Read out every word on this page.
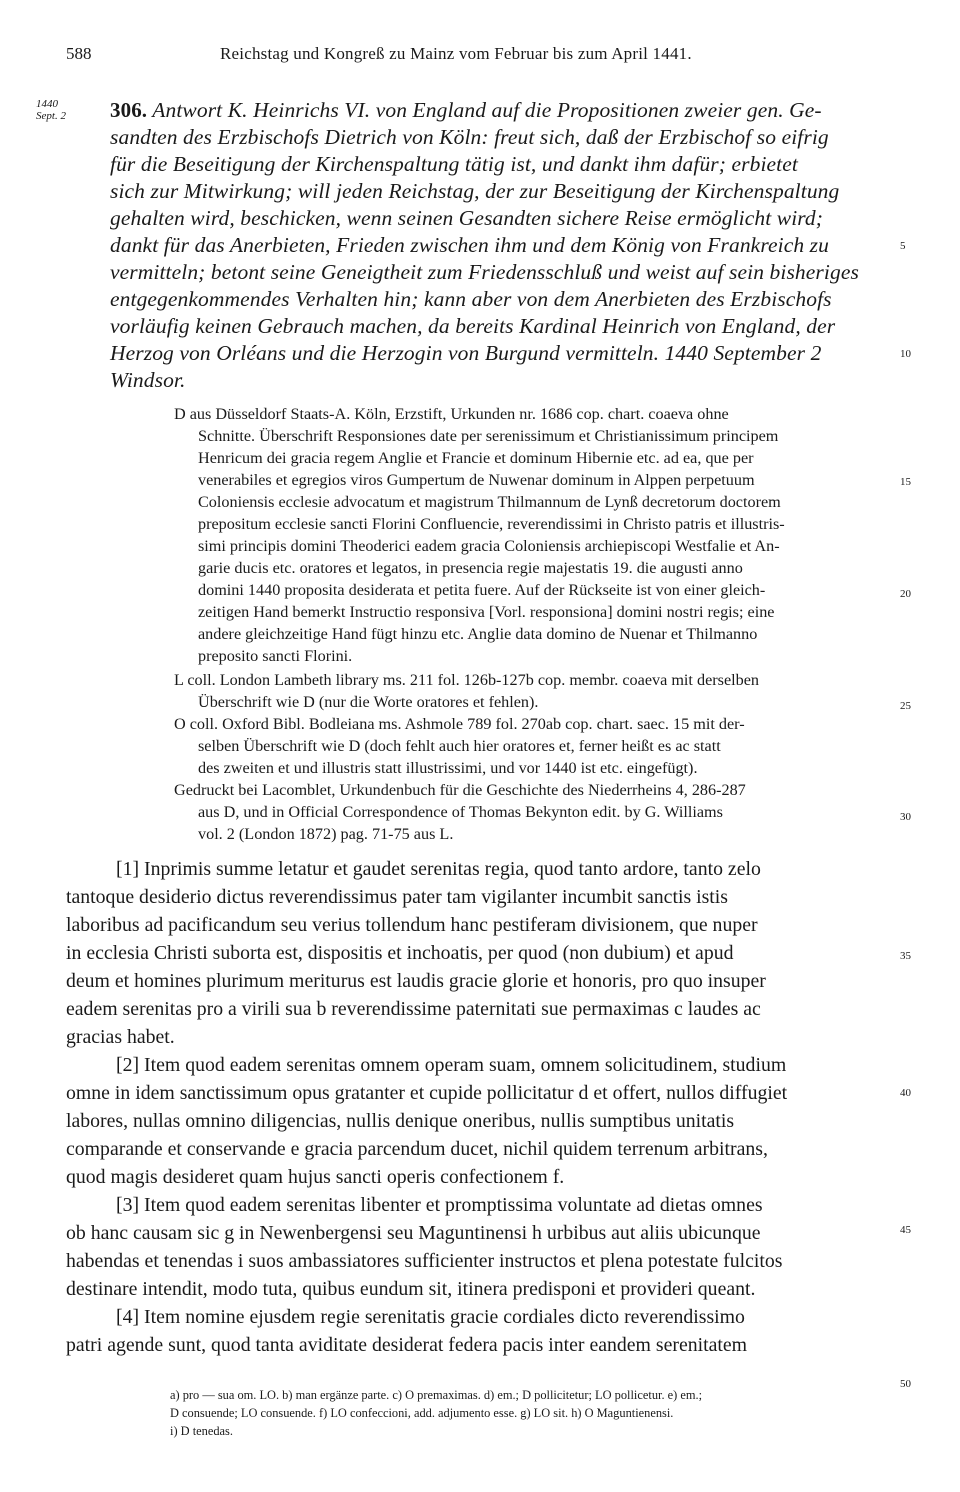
588	Reichstag und Kongreß zu Mainz vom Februar bis zum April 1441.
1440
Sept. 2 306. Antwort K. Heinrichs VI. von England auf die Propositionen zweier gen. Ge-
sandten des Erzbischofs Dietrich von Köln: freut sich, daß der Erzbischof so eifrig
für die Beseitigung der Kirchenspaltung tätig ist, und dankt ihm dafür; erbietet
sich zur Mitwirkung; will jeden Reichstag, der zur Beseitigung der Kirchenspaltung
gehalten wird, beschicken, wenn seinen Gesandten sichere Reise ermöglicht wird;
dankt für das Anerbieten, Frieden zwischen ihm und dem König von Frankreich zu
vermitteln; betont seine Geneigtheit zum Friedensschluß und weist auf sein bisheriges
entgegenkommendes Verhalten hin; kann aber von dem Anerbieten des Erzbischofs
vorläufig keinen Gebrauch machen, da bereits Kardinal Heinrich von England, der
Herzog von Orléans und die Herzogin von Burgund vermitteln. 1440 September 2
Windsor.
D aus Düsseldorf Staats-A. Köln, Erzstift, Urkunden nr. 1686 cop. chart. coaeva ohne
Schnitte. Überschrift Responsiones date per serenissimum et Christianissimum principem
Henricum dei gracia regem Anglie et Francie et dominum Hibernie etc. ad ea, que per
venerabiles et egregios viros Gumpertum de Nuwenar dominum in Alppen perpetuum
Coloniensis ecclesie advocatum et magistrum Thilmannum de Lynß decretorum doctorem
prepositum ecclesie sancti Florini Confluencie, reverendissimi in Christo patris et illustris-
simi principis domini Theoderici eadem gracia Coloniensis archiepiscopi Westfalie et An-
garie ducis etc. oratores et legatos, in presencia regie majestatis 19. die augusti anno
domini 1440 proposita desiderata et petita fuere. Auf der Rückseite ist von einer gleich-
zeitigen Hand bemerkt Instructio responsiva [Vorl. responsiona] domini nostri regis; eine
andere gleichzeitige Hand fügt hinzu etc. Anglie data domino de Nuenar et Thilmanno
preposito sancti Florini.
L coll. London Lambeth library ms. 211 fol. 126b-127b cop. membr. coaeva mit derselben
Überschrift wie D (nur die Worte oratores et fehlen).
O coll. Oxford Bibl. Bodleiana ms. Ashmole 789 fol. 270ab cop. chart. saec. 15 mit der-
selben Überschrift wie D (doch fehlt auch hier oratores et, ferner heißt es ac statt
des zweiten et und illustris statt illustrissimi, und vor 1440 ist etc. eingefügt).
Gedruckt bei Lacomblet, Urkundenbuch für die Geschichte des Niederrheins 4, 286-287
aus D, und in Official Correspondence of Thomas Bekynton edit. by G. Williams
vol. 2 (London 1872) pag. 71-75 aus L.
[1] Inprimis summe letatur et gaudet serenitas regia, quod tanto ardore, tanto zelo
tantoque desiderio dictus reverendissimus pater tam vigilanter incumbit sanctis istis
laboribus ad pacificandum seu verius tollendum hanc pestiferam divisionem, que nuper
in ecclesia Christi suborta est, dispositis et inchoatis, per quod (non dubium) et apud
deum et homines plurimum meriturus est laudis gracie glorie et honoris, pro quo insuper
eadem serenitas pro a virili sua b reverendissime paternitati sue permaximas c laudes ac
gracias habet.
[2] Item quod eadem serenitas omnem operam suam, omnem solicitudinem, studium
omne in idem sanctissimum opus gratanter et cupide pollicitatur d et offert, nullos diffugiet
labores, nullas omnino diligencias, nullis denique oneribus, nullis sumptibus unitatis
comparande et conservande e gracia parcendum ducet, nichil quidem terrenum arbitrans,
quod magis desideret quam hujus sancti operis confectionem f.
[3] Item quod eadem serenitas libenter et promptissima voluntate ad dietas omnes
ob hanc causam sic g in Newenbergensi seu Maguntinensi h urbibus aut aliis ubicunque
habendas et tenendas i suos ambassiatores sufficienter instructos et plena potestate fulcitos
destinare intendit, modo tuta, quibus eundum sit, itinera predisponi et provideri queant.
[4] Item nomine ejusdem regie serenitatis gracie cordiales dicto reverendissimo
patri agende sunt, quod tanta aviditate desiderat federa pacis inter eandem serenitatem
a) pro — sua om. LO. b) man ergänze parte. c) O premaximas. d) em.; D pollicitetur; LO pollicetur. e) em.;
D consuende; LO consuende. f) LO confeccioni, add. adjumento esse. g) LO sit. h) O Maguntienensi.
i) D tenedas.
5
10
15
20
25
30
35
40
45
50
